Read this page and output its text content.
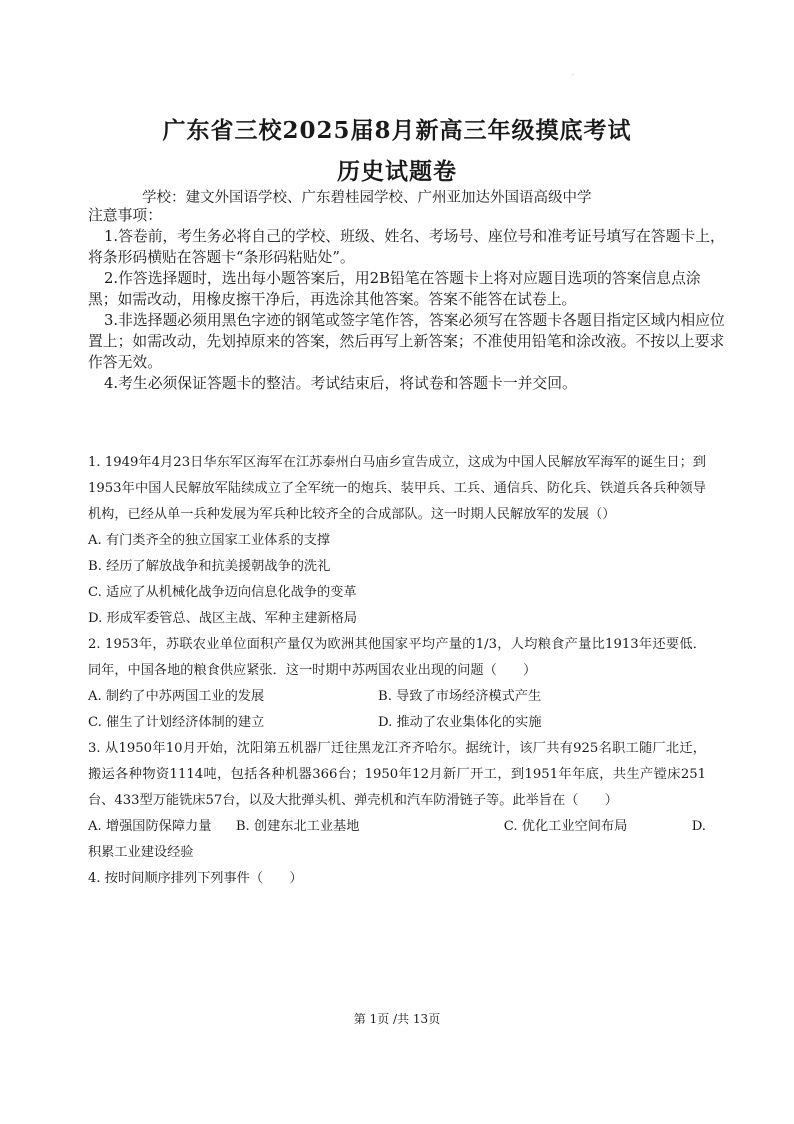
·
广东省三校2025届8月新高三年级摸底考试
历史试题卷
学校：建文外国语学校、广东碧桂园学校、广州亚加达外国语高级中学
注意事项：
1.答卷前，考生务必将自己的学校、班级、姓名、考场号、座位号和准考证号填写在答题卡上，将条形码横贴在答题卡“条形码粘贴处”。
2.作答选择题时，选出每小题答案后，用2B铅笔在答题卡上将对应题目选项的答案信息点涂黑；如需改动，用橡皮擦干净后，再选涂其他答案。答案不能答在试卷上。
3.非选择题必须用黑色字迹的钢笔或签字笔作答，答案必须写在答题卡各题目指定区域内相应位置上；如需改动，先划掉原来的答案，然后再写上新答案；不准使用铅笔和涂改液。不按以上要求作答无效。
4.考生必须保证答题卡的整洁。考试结束后，将试卷和答题卡一并交回。

1. 1949年4月23日华东军区海军在江苏泰州白马庙乡宣告成立，这成为中国人民解放军海军的诞生日；到1953年中国人民解放军陆续成立了全军统一的炮兵、装甲兵、工兵、通信兵、防化兵、铁道兵各兵种领导机构，已经从单一兵种发展为军兵种比较齐全的合成部队。这一时期人民解放军的发展（）

A. 有门类齐全的独立国家工业体系的支撑

B. 经历了解放战争和抗美援朝战争的洗礼

C. 适应了从机械化战争迈向信息化战争的变革

D. 形成军委管总、战区主战、军种主建新格局

2. 1953年，苏联农业单位面积产量仅为欧洲其他国家平均产量的1/3，人均粮食产量比1913年还要低．同年，中国各地的粮食供应紧张．这一时期中苏两国农业出现的问题（　　）

A. 制约了中苏两国工业的发展	B. 导致了市场经济模式产生
C. 催生了计划经济体制的建立	D. 推动了农业集体化的实施

3. 从1950年10月开始，沈阳第五机器厂迁往黑龙江齐齐哈尔。据统计，该厂共有925名职工随厂北迁，搬运各种物资1114吨，包括各种机器366台；1950年12月新厂开工，到1951年年底，共生产镗床251台、433型万能铣床57台，以及大批弹头机、弹壳机和汽车防滑链子等。此举旨在（　　）

A. 增强国防保障力量 B. 创建东北工业基地	C. 优化工业空间布局	D.

积累工业建设经验

4. 按时间顺序排列下列事件（　　）

第 1页 /共 13页
